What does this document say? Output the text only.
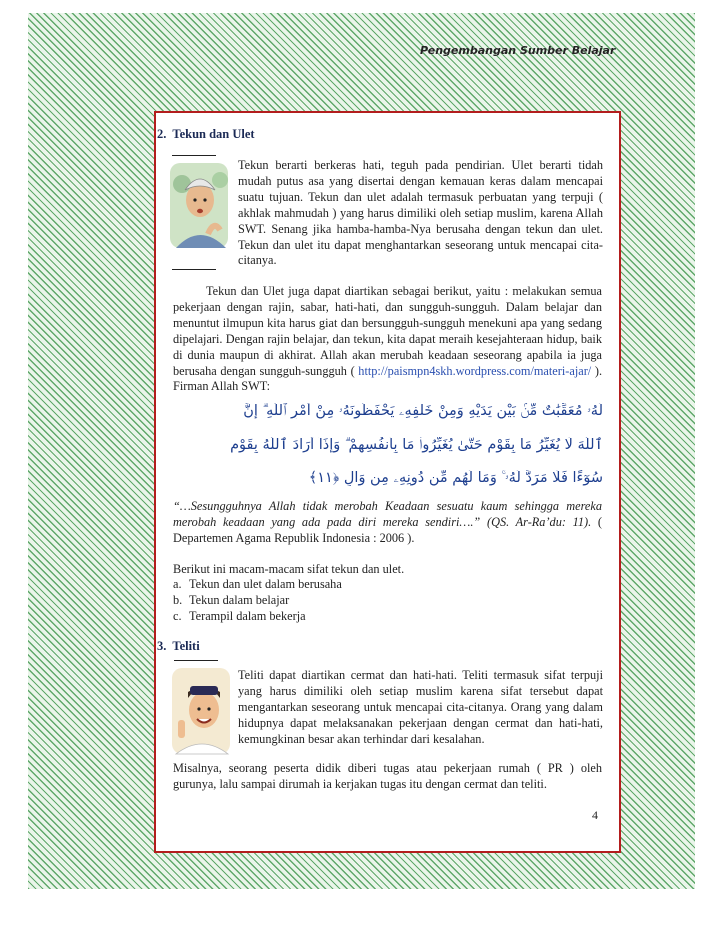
Pengembangan Sumber Belajar
2. Tekun dan Ulet
Tekun berarti berkeras hati, teguh pada pendirian. Ulet berarti tidah mudah putus asa yang disertai dengan kemauan keras dalam mencapai suatu tujuan. Tekun dan ulet adalah termasuk perbuatan yang terpuji ( akhlak mahmudah ) yang harus dimiliki oleh setiap muslim, karena Allah SWT. Senang jika hamba-hamba-Nya berusaha dengan tekun dan ulet. Tekun dan ulet itu dapat menghantarkan seseorang untuk mencapai cita-citanya.
Tekun dan Ulet juga dapat diartikan sebagai berikut, yaitu : melakukan semua pekerjaan dengan rajin, sabar, hati-hati, dan sungguh-sungguh. Dalam belajar dan menuntut ilmupun kita harus giat dan bersungguh-sungguh menekuni apa yang sedang dipelajari. Dengan rajin belajar, dan tekun, kita dapat meraih kesejahteraan hidup, baik di dunia maupun di akhirat. Allah akan merubah keadaan seseorang apabila ia juga berusaha dengan sungguh-sungguh ( http://paismpn4skh.wordpress.com/materi-ajar/ ). Firman Allah SWT:
لَهُۥ مُعَقِّبَٰتٌ مِّنۢ بَيْنِ يَدَيْهِ وَمِنْ خَلْفِهِۦ يَحْفَظُونَهُۥ مِنْ أَمْرِ ٱللَّهِ ۗ إِنَّ
ٱللَّهَ لَا يُغَيِّرُ مَا بِقَوْمٍ حَتَّىٰ يُغَيِّرُوا۟ مَا بِأَنفُسِهِمْ ۗ وَإِذَآ أَرَادَ ٱللَّهُ بِقَوْمٍ
سُوٓءًا فَلَا مَرَدَّ لَهُۥ ۚ وَمَا لَهُم مِّن دُونِهِۦ مِن وَالٍ ﴿١١﴾
“…Sesungguhnya Allah tidak merobah Keadaan sesuatu kaum sehingga mereka merobah keadaan yang ada pada diri mereka sendiri….” (QS. Ar-Ra’du: 11). ( Departemen Agama Republik Indonesia : 2006 ).
Berikut ini macam-macam sifat tekun dan ulet.
a. Tekun dan ulet dalam berusaha
b. Tekun dalam belajar
c. Terampil dalam bekerja
3. Teliti
Teliti dapat diartikan cermat dan hati-hati. Teliti termasuk sifat terpuji yang harus dimiliki oleh setiap muslim karena sifat tersebut dapat mengantarkan seseorang untuk mencapai cita-citanya. Orang yang dalam hidupnya dapat melaksanakan pekerjaan dengan cermat dan hati-hati, kemungkinan besar akan terhindar dari kesalahan.
Misalnya, seorang peserta didik diberi tugas atau pekerjaan rumah ( PR ) oleh gurunya, lalu sampai dirumah ia kerjakan tugas itu dengan cermat dan teliti.
4
